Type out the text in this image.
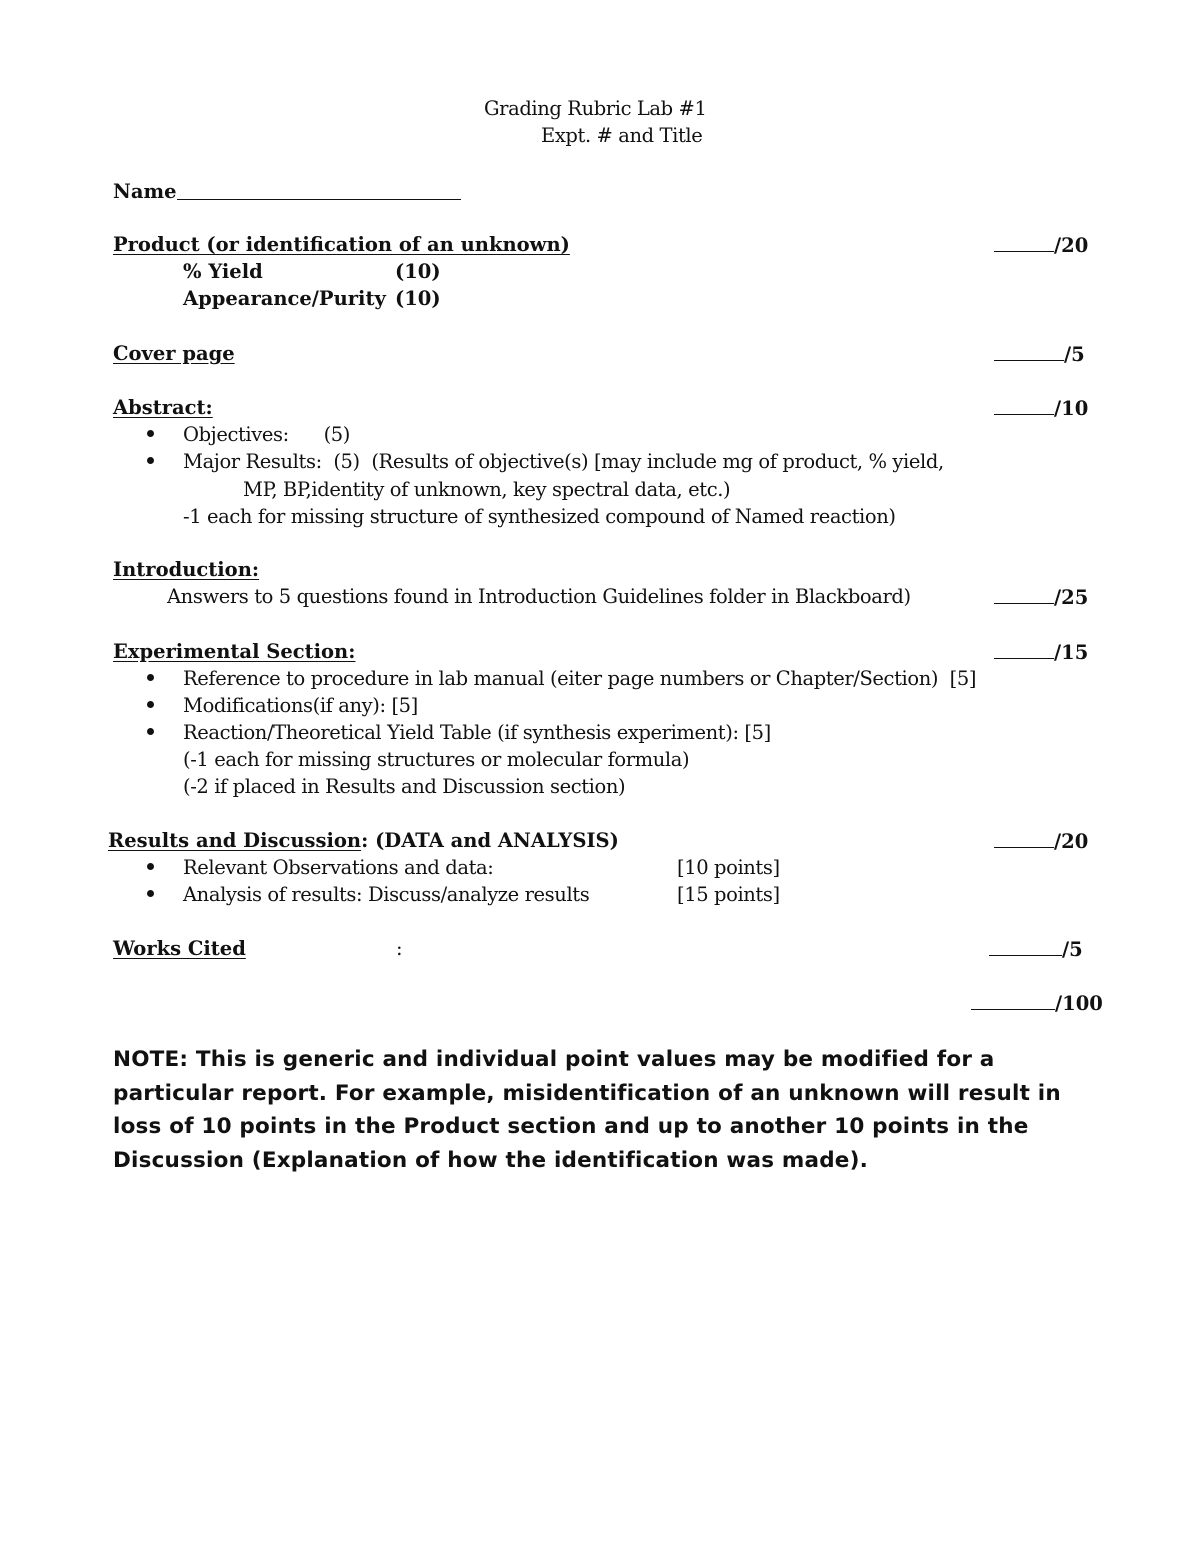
Grading Rubric Lab #1
Expt. # and Title
Name
Product (or identification of an unknown)	/20
% Yield	(10)
Appearance/Purity (10)
Cover page	/5
Abstract:	/10
Objectives:      (5)
Major Results:  (5)  (Results of objective(s) [may include mg of product, % yield,
MP, BP,identity of unknown, key spectral data, etc.)
-1 each for missing structure of synthesized compound of Named reaction)
Introduction:
Answers to 5 questions found in Introduction Guidelines folder in Blackboard)	/25
Experimental Section:	/15
Reference to procedure in lab manual (eiter page numbers or Chapter/Section)  [5]
Modifications(if any): [5]
Reaction/Theoretical Yield Table (if synthesis experiment): [5]
(-1 each for missing structures or molecular formula)
(-2 if placed in Results and Discussion section)
Results and Discussion: (DATA and ANALYSIS)	/20
Relevant Observations and data:	[10 points]
Analysis of results: Discuss/analyze results	[15 points]
Works Cited	:	/5
/100
NOTE: This is generic and individual point values may be modified for a particular report. For example, misidentification of an unknown will result in loss of 10 points in the Product section and up to another 10 points in the Discussion (Explanation of how the identification was made).
